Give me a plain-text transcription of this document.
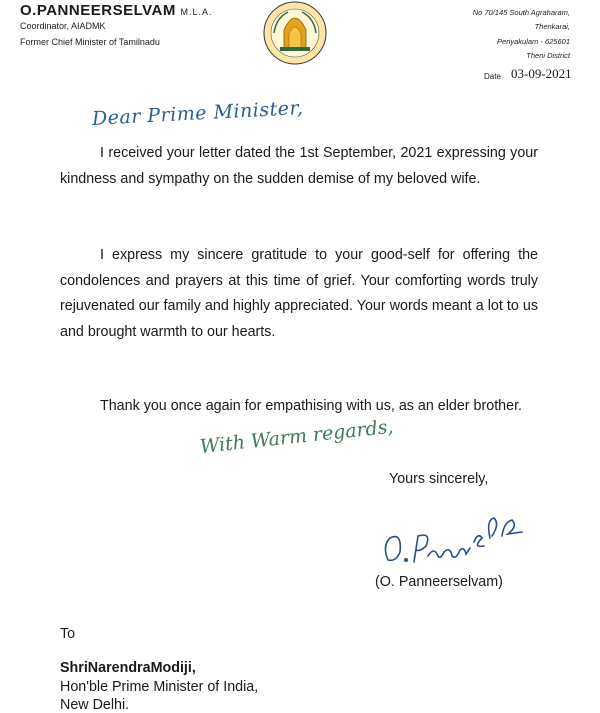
O.PANNEERSELVAM M.L.A.
Coordinator, AIADMK
Former Chief Minister of Tamilnadu
No 70/145 South Agraharam,
Thenkarai,
Periyakulam - 625601
Theni District
Date 03-09-2021
Dear Prime Minister,

I received your letter dated the 1st September, 2021 expressing your kindness and sympathy on the sudden demise of my beloved wife.

I express my sincere gratitude to your good-self for offering the condolences and prayers at this time of grief. Your comforting words truly rejuvenated our family and highly appreciated. Your words meant a lot to us and brought warmth to our hearts.

Thank you once again for empathising with us, as an elder brother.

With Warm regards,
Yours sincerely,
(O. Panneerselvam)
To
ShriNarendraModiji,
Hon'ble Prime Minister of India,
New Delhi.
